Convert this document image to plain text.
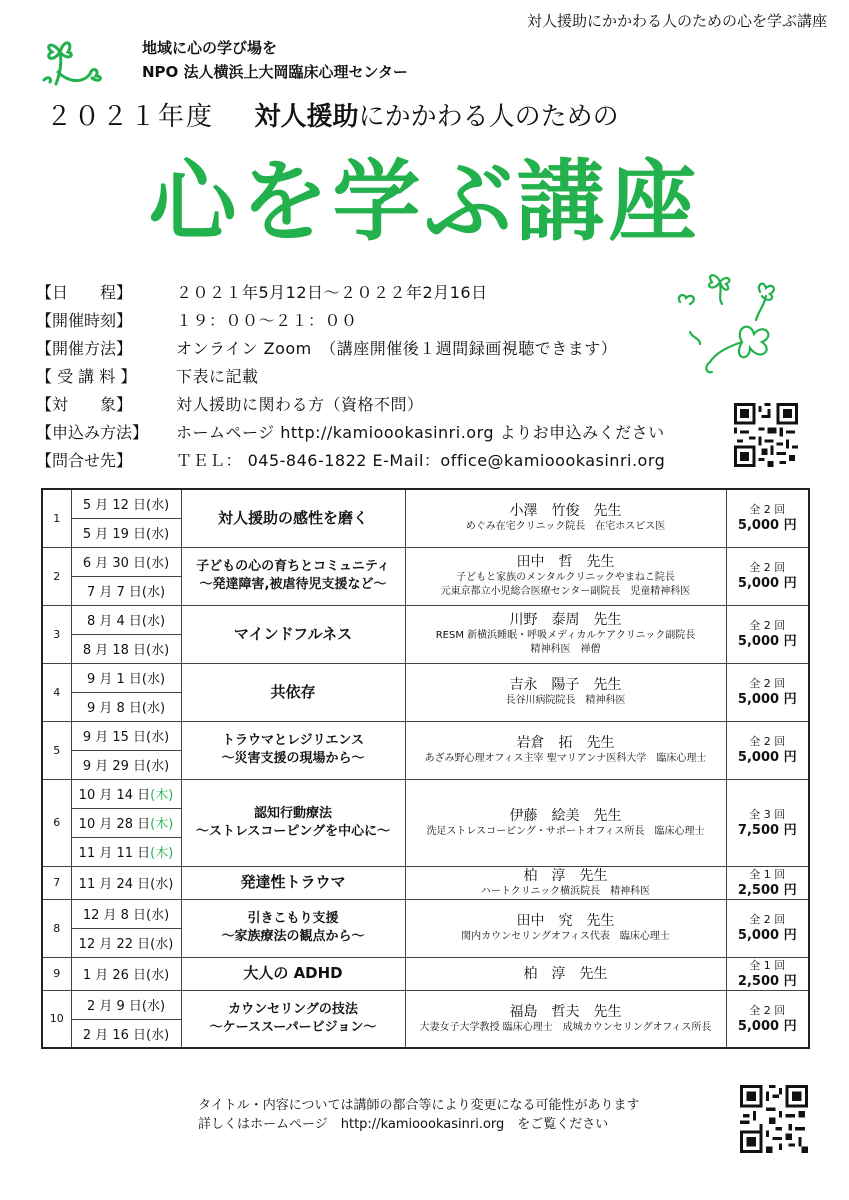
対人援助にかかわる人のための心を学ぶ講座
地域に心の学び場を
NPO 法人横浜上大岡臨床心理センター
２０２１年度 対人援助にかかわる人のための
心を学ぶ講座
【日　　程】	２０２１年5月12日～２０２２年2月16日
【開催時刻】	１９：００～２１：００
【開催方法】	オンライン Zoom　（講座開催後１週間録画視聴できます）
【 受 講 料 】	下表に記載
【対　　象】	対人援助に関わる方（資格不問）
【申込み方法】	ホームページ http://kamioookasinri.org よりお申込みください
【問合せ先】	ＴＥＬ： 045-846-1822 E-Mail：office@kamioookasinri.org
1	5 月 12 日(水)	対人援助の感性を磨く	小澤　竹俊　先生
めぐみ在宅クリニック院長　在宅ホスピス医	全 2 回
5,000 円

	5 月 19 日(水)			
2	6 月 30 日(水)	子どもの心の育ちとコミュニティ
～発達障害,被虐待児支援など～	田中　哲　先生
子どもと家族のメンタルクリニックやまねこ院長
元東京都立小児総合医療センター副院長　児童精神科医	全 2 回
5,000 円

	7 月 7 日(水)			
3	8 月 4 日(水)	マインドフルネス	川野　泰周　先生
RESM 新横浜睡眠・呼吸メディカルケアクリニック副院長
精神科医　禅僧	全 2 回
5,000 円

	8 月 18 日(水)			
4	9 月 1 日(水)	共依存	吉永　陽子　先生
長谷川病院院長　精神科医	全 2 回
5,000 円

	9 月 8 日(水)			
5	9 月 15 日(水)	トラウマとレジリエンス
～災害支援の現場から～	岩倉　拓　先生
あざみ野心理オフィス主宰 聖マリアンナ医科大学　臨床心理士	全 2 回
5,000 円

	9 月 29 日(水)			
6	10 月 14 日(木)	認知行動療法
～ストレスコーピングを中心に～	伊藤　絵美　先生
洗足ストレスコーピング・サポートオフィス所長　臨床心理士	全 3 回
7,500 円

	10 月 28 日(木)			
	11 月 11 日(木)			
7	11 月 24 日(水)	発達性トラウマ	柏　淳　先生
ハートクリニック横浜院長　精神科医	全 1 回
2,500 円

8	12 月 8 日(水)	引きこもり支援
～家族療法の観点から～	田中　究　先生
関内カウンセリングオフィス代表　臨床心理士	全 2 回
5,000 円

	12 月 22 日(水)			
9	1 月 26 日(水)	大人の ADHD	柏　淳　先生	全 1 回
2,500 円

10	2 月 9 日(水)	カウンセリングの技法
～ケーススーパービジョン～	福島　哲夫　先生
大妻女子大学教授 臨床心理士　成城カウンセリングオフィス所長	全 2 回
5,000 円

	2 月 16 日(水)			
タイトル・内容については講師の都合等により変更になる可能性があります
詳しくはホームページ　http://kamioookasinri.org　をご覧ください
